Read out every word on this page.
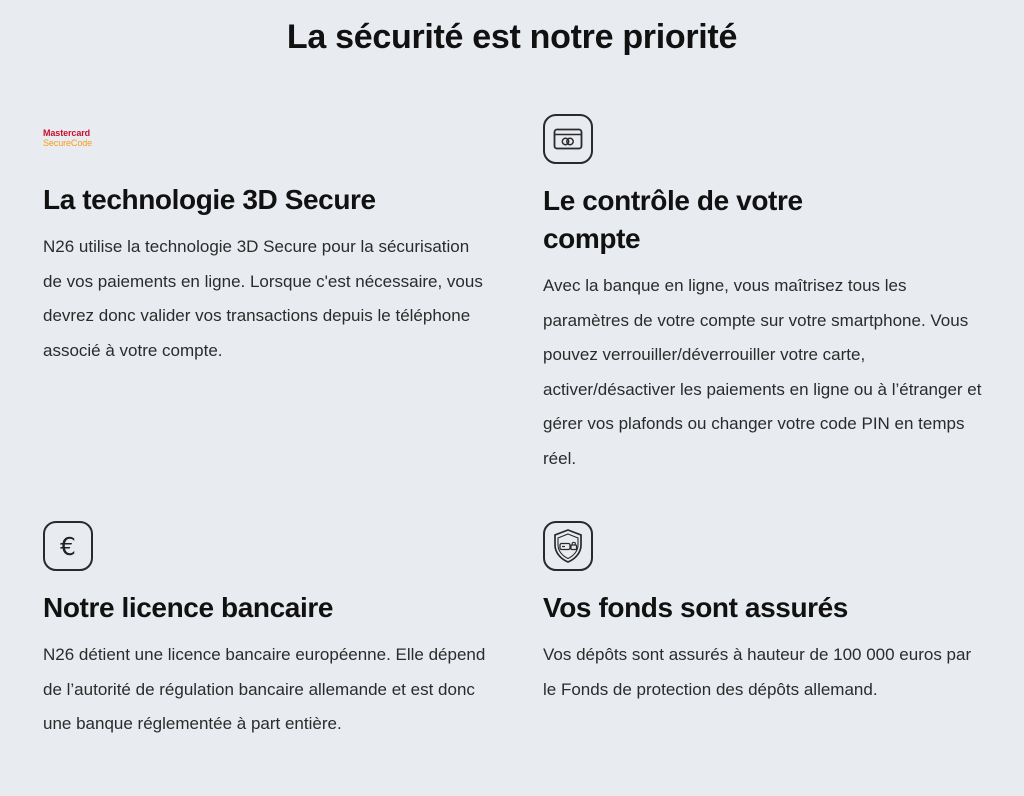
La sécurité est notre priorité
Mastercard
SecureCode
La technologie 3D Secure

N26 utilise la technologie 3D Secure pour la sécurisation de vos paiements en ligne. Lorsque c'est nécessaire, vous devrez donc valider vos transactions depuis le téléphone associé à votre compte.

Le contrôle de votre compte

Avec la banque en ligne, vous maîtrisez tous les paramètres de votre compte sur votre smartphone. Vous pouvez verrouiller/déverrouiller votre carte, activer/désactiver les paiements en ligne ou à l’étranger et gérer vos plafonds ou changer votre code PIN en temps réel.

€
Notre licence bancaire

N26 détient une licence bancaire européenne. Elle dépend de l’autorité de régulation bancaire allemande et est donc une banque réglementée à part entière.

Vos fonds sont assurés

Vos dépôts sont assurés à hauteur de 100 000 euros par le Fonds de protection des dépôts allemand.
